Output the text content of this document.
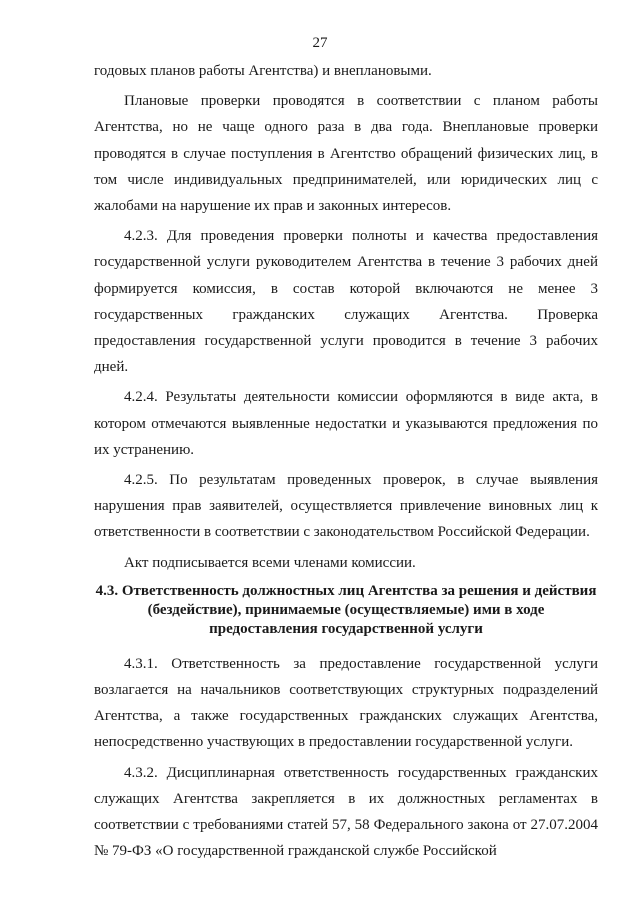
27

годовых планов работы Агентства) и внеплановыми.

Плановые проверки проводятся в соответствии с планом работы Агентства, но не чаще одного раза в два года. Внеплановые проверки проводятся в случае поступления в Агентство обращений физических лиц, в том числе индивидуальных предпринимателей, или юридических лиц с жалобами на нарушение их прав и законных интересов.

4.2.3. Для проведения проверки полноты и качества предоставления государственной услуги руководителем Агентства в течение 3 рабочих дней формируется комиссия, в состав которой включаются не менее 3 государственных гражданских служащих Агентства. Проверка предоставления государственной услуги проводится в течение 3 рабочих дней.

4.2.4. Результаты деятельности комиссии оформляются в виде акта, в котором отмечаются выявленные недостатки и указываются предложения по их устранению.

4.2.5. По результатам проведенных проверок, в случае выявления нарушения прав заявителей, осуществляется привлечение виновных лиц к ответственности в соответствии с законодательством Российской Федерации.

Акт подписывается всеми членами комиссии.

4.3. Ответственность должностных лиц Агентства за решения и действия (бездействие), принимаемые (осуществляемые) ими в ходе предоставления государственной услуги

4.3.1. Ответственность за предоставление государственной услуги возлагается на начальников соответствующих структурных подразделений Агентства, а также государственных гражданских служащих Агентства, непосредственно участвующих в предоставлении государственной услуги.

4.3.2. Дисциплинарная ответственность государственных гражданских служащих Агентства закрепляется в их должностных регламентах в соответствии с требованиями статей 57, 58 Федерального закона от 27.07.2004 № 79-ФЗ «О государственной гражданской службе Российской
